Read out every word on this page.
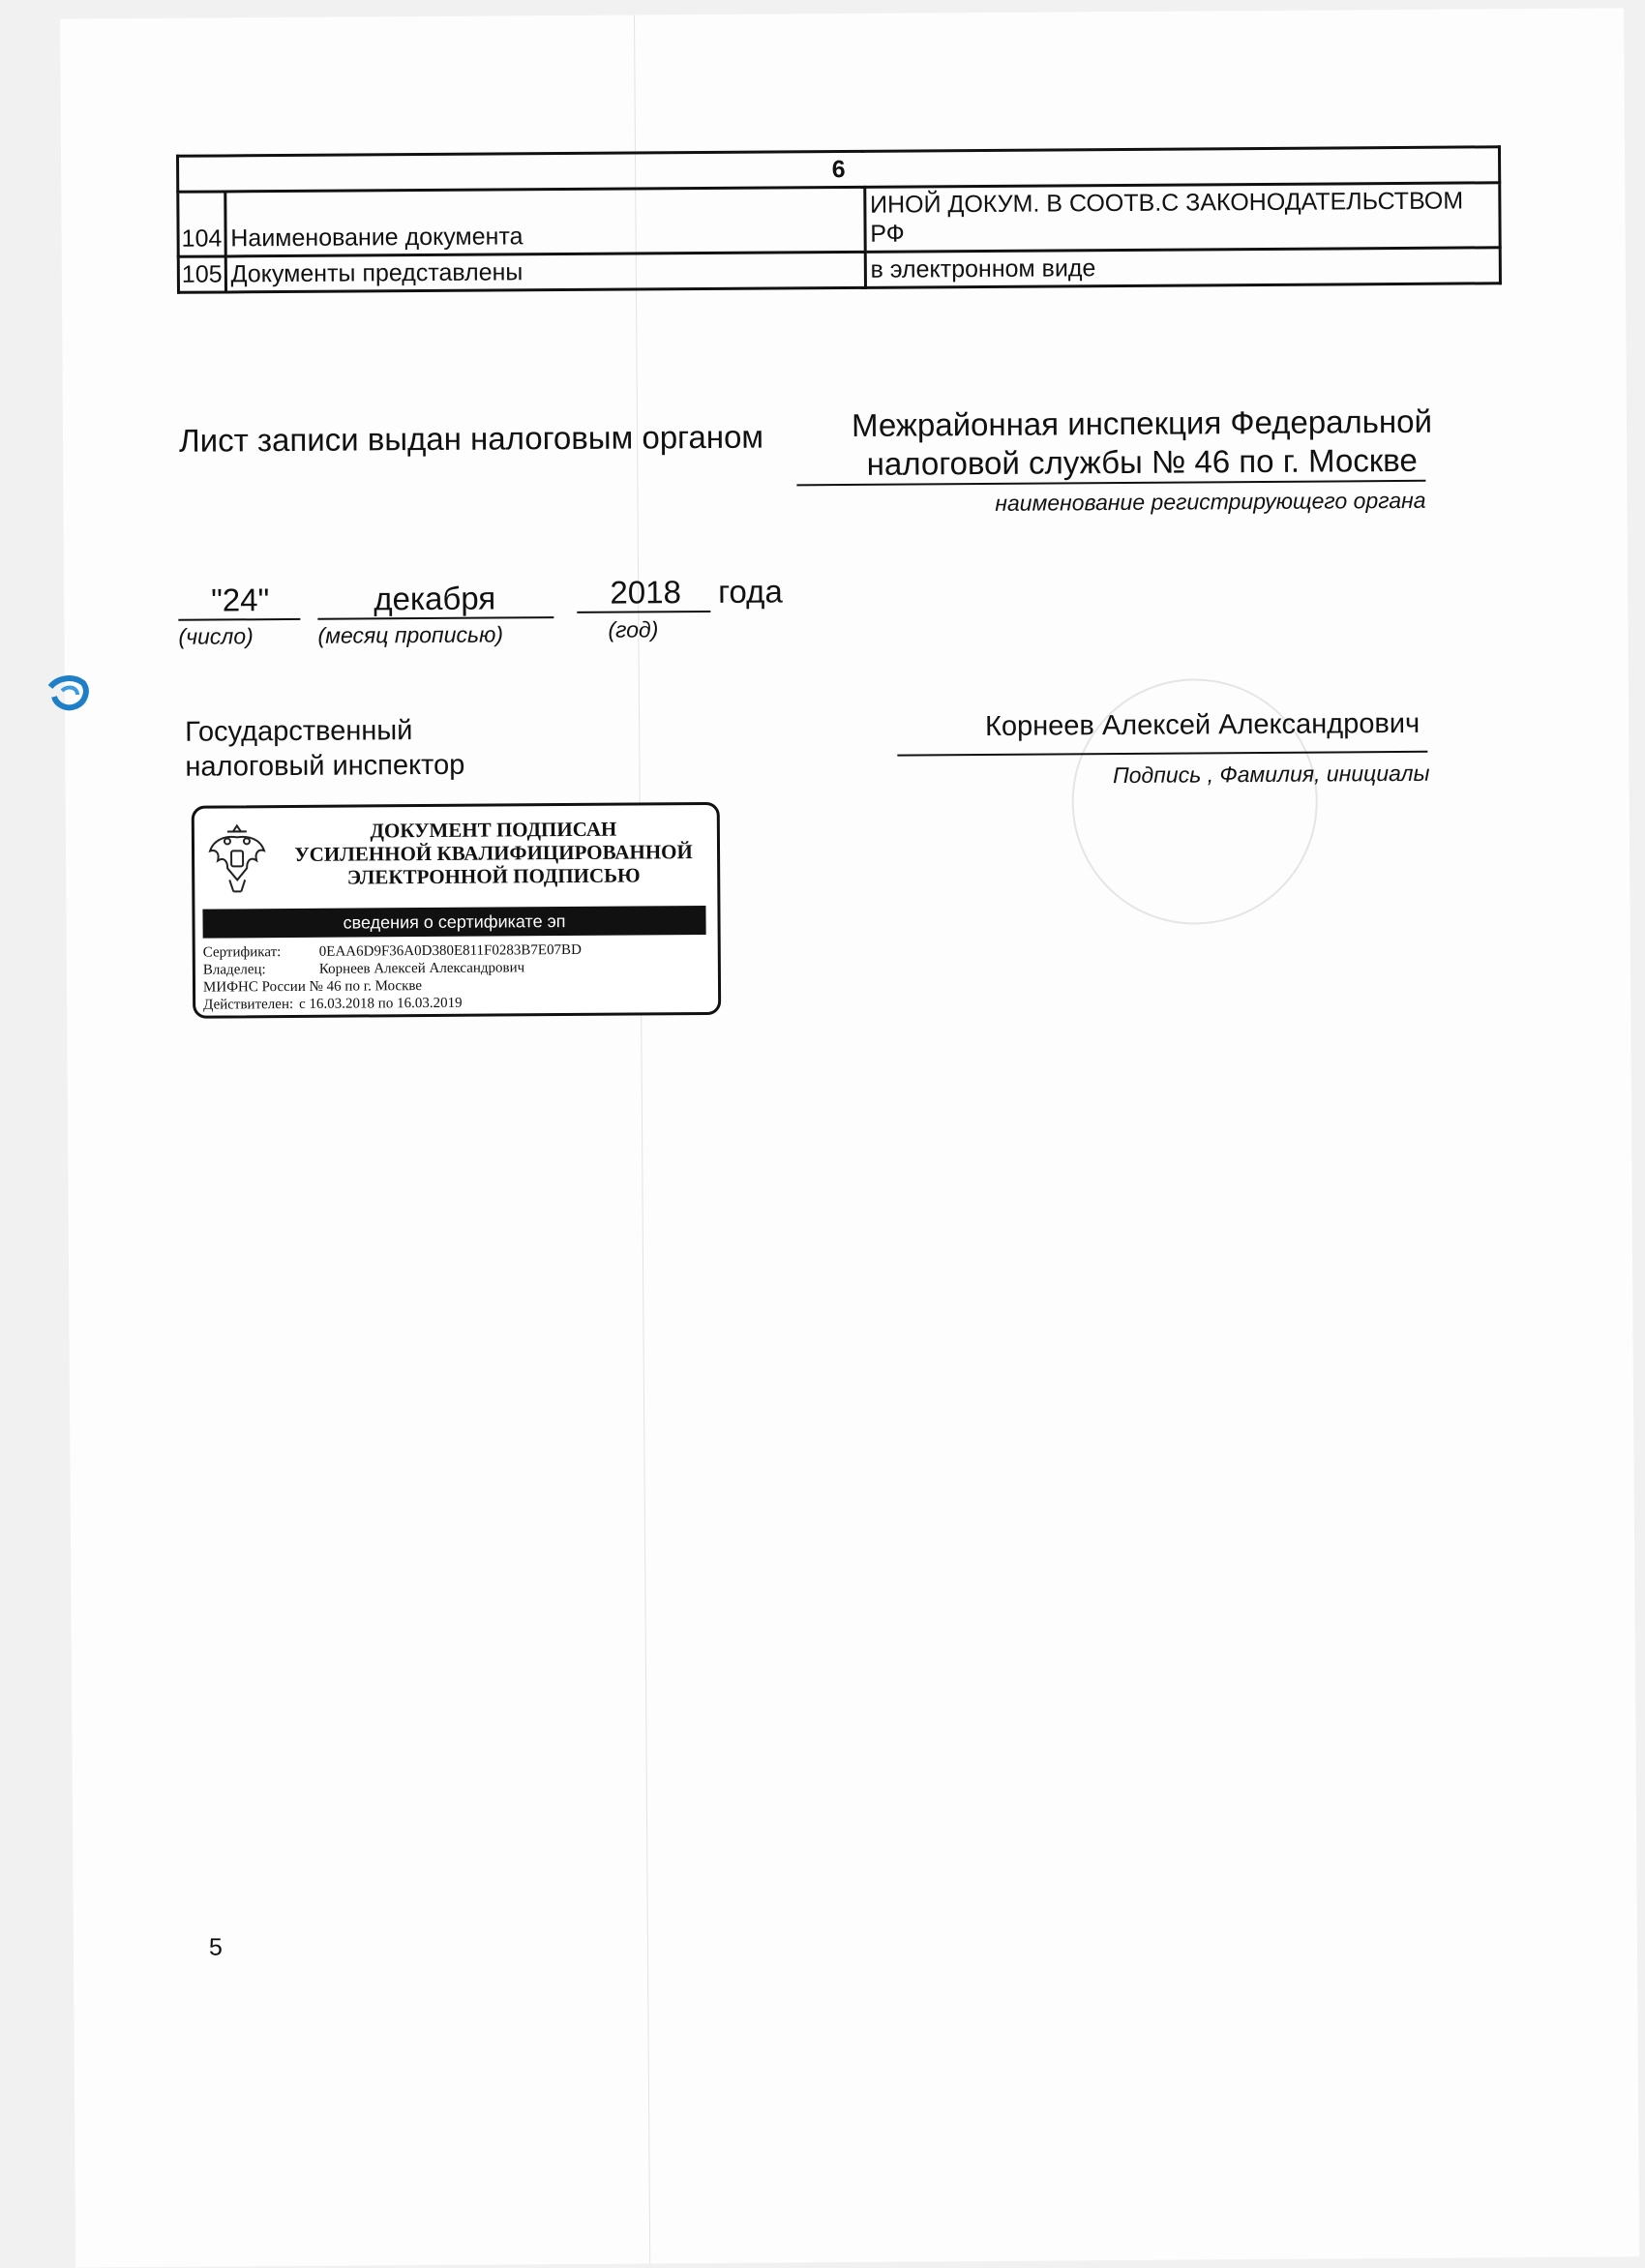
6		
104	Наименование документа	ИНОЙ ДОКУМ. В СООТВ.С ЗАКОНОДАТЕЛЬСТВОМ РФ
105	Документы представлены	в электронном виде
Лист записи выдан налоговым органом	Межрайонная инспекция Федеральной
налоговой службы № 46 по г. Москве
наименование регистрирующего органа
"24"
(число)
декабря
(месяц прописью)
2018	года
(год)
Государственный
налоговый инспектор
Корнеев Алексей Александрович
Подпись , Фамилия, инициалы
ДОКУМЕНТ ПОДПИСАН
УСИЛЕННОЙ КВАЛИФИЦИРОВАННОЙ
ЭЛЕКТРОННОЙ ПОДПИСЬЮ
сведения о сертификате эп
Сертификат:	0EAA6D9F36A0D380E811F0283B7E07BD
Владелец:	Корнеев Алексей Александрович
МИФНС России № 46 по г. Москве
Действителен: с 16.03.2018 по 16.03.2019
5
